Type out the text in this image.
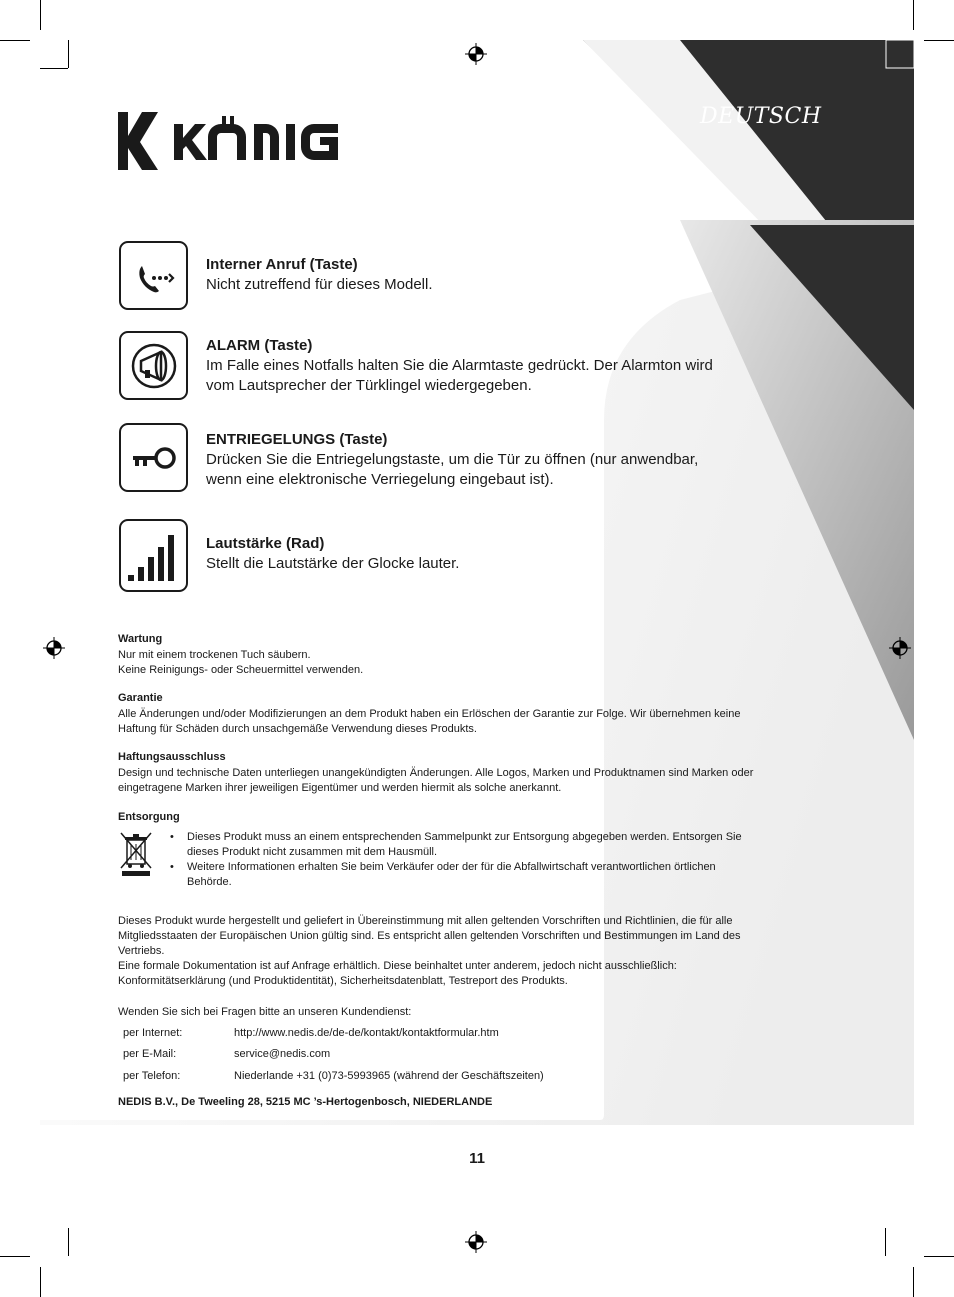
DEUTSCH
Interner Anruf (Taste)
Nicht zutreffend für dieses Modell.
ALARM (Taste)
Im Falle eines Notfalls halten Sie die Alarmtaste gedrückt. Der Alarmton wird
vom Lautsprecher der Türklingel wiedergegeben.
ENTRIEGELUNGS (Taste)
Drücken Sie die Entriegelungstaste, um die Tür zu öffnen (nur anwendbar,
wenn eine elektronische Verriegelung eingebaut ist).
Lautstärke (Rad)
Stellt die Lautstärke der Glocke lauter.
Wartung
Nur mit einem trockenen Tuch säubern.
Keine Reinigungs- oder Scheuermittel verwenden.
Garantie
Alle Änderungen und/oder Modifizierungen an dem Produkt haben ein Erlöschen der Garantie zur Folge. Wir übernehmen keine
Haftung für Schäden durch unsachgemäße Verwendung dieses Produkts.
Haftungsausschluss
Design und technische Daten unterliegen unangekündigten Änderungen. Alle Logos, Marken und Produktnamen sind Marken oder
eingetragene Marken ihrer jeweiligen Eigentümer und werden hiermit als solche anerkannt.
Entsorgung
• Dieses Produkt muss an einem entsprechenden Sammelpunkt zur Entsorgung abgegeben werden. Entsorgen Sie
dieses Produkt nicht zusammen mit dem Hausmüll.
• Weitere Informationen erhalten Sie beim Verkäufer oder der für die Abfallwirtschaft verantwortlichen örtlichen
Behörde.
Dieses Produkt wurde hergestellt und geliefert in Übereinstimmung mit allen geltenden Vorschriften und Richtlinien, die für alle
Mitgliedsstaaten der Europäischen Union gültig sind. Es entspricht allen geltenden Vorschriften und Bestimmungen im Land des
Vertriebs.
Eine formale Dokumentation ist auf Anfrage erhältlich. Diese beinhaltet unter anderem, jedoch nicht ausschließlich:
Konformitätserklärung (und Produktidentität), Sicherheitsdatenblatt, Testreport des Produkts.
Wenden Sie sich bei Fragen bitte an unseren Kundendienst:
per Internet:	http://www.nedis.de/de-de/kontakt/kontaktformular.htm
per E-Mail:	service@nedis.com
per Telefon:	Niederlande +31 (0)73-5993965 (während der Geschäftszeiten)
NEDIS B.V., De Tweeling 28, 5215 MC ’s-Hertogenbosch, NIEDERLANDE
11
